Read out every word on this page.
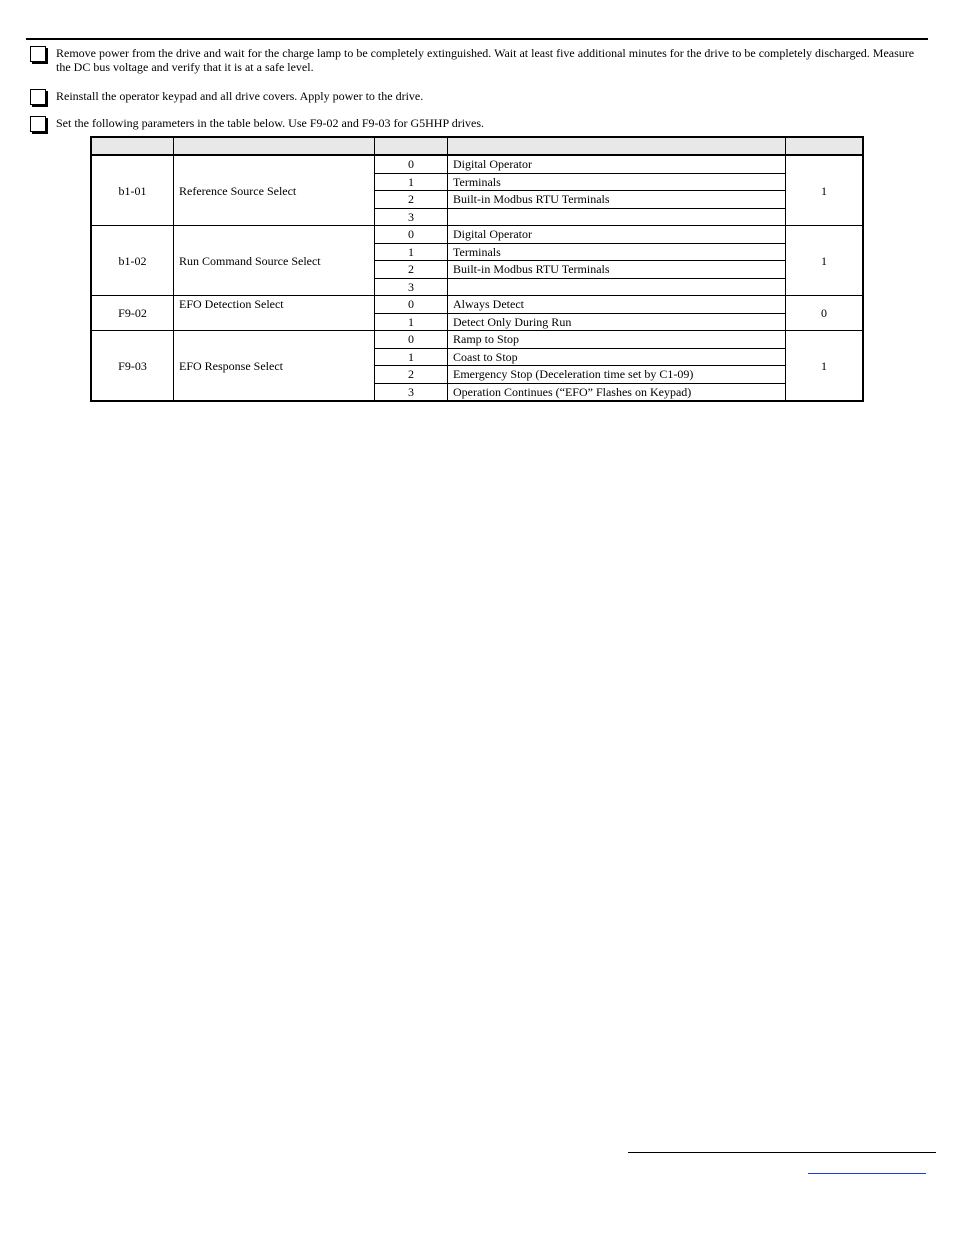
Remove power from the drive and wait for the charge lamp to be completely extinguished. Wait at least five additional minutes for the drive to be completely discharged. Measure the DC bus voltage and verify that it is at a safe level.
Reinstall the operator keypad and all drive covers. Apply power to the drive.
Set the following parameters in the table below. Use F9-02 and F9-03 for G5HHP drives.

b1-01	Reference Source Select	0	Digital Operator	1
		1	Terminals	
		2	Built-in Modbus RTU Terminals	
		3		
b1-02	Run Command Source Select	0	Digital Operator	1
		1	Terminals	
		2	Built-in Modbus RTU Terminals	
		3		
F9-02	EFO Detection Select	0	Always Detect	0
		1	Detect Only During Run	
F9-03	EFO Response Select	0	Ramp to Stop	1
		1	Coast to Stop	
		2	Emergency Stop (Deceleration time set by C1-09)	
		3	Operation Continues (“EFO” Flashes on Keypad)	
